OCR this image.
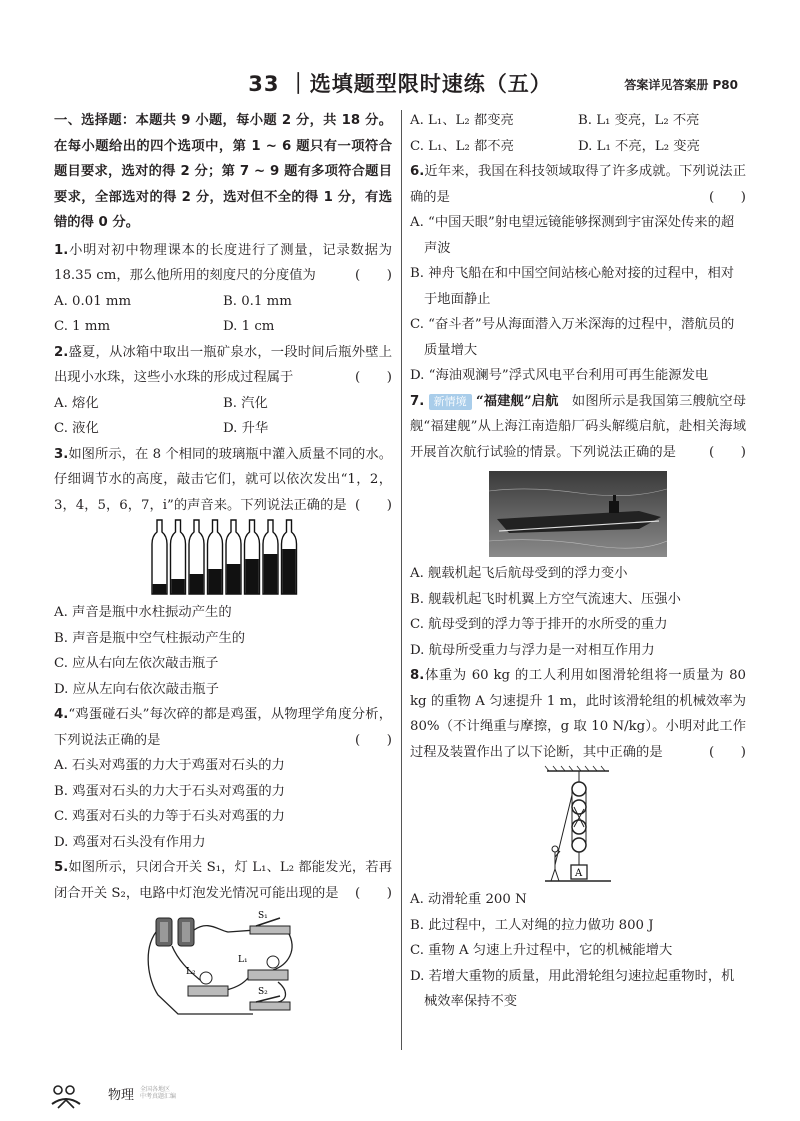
33 ｜选填题型限时速练（五）	答案详见答案册 P80

一、选择题：本题共 9 小题，每小题 2 分，共 18 分。在每小题给出的四个选项中，第 1 ~ 6 题只有一项符合题目要求，选对的得 2 分；第 7 ~ 9 题有多项符合题目要求，全部选对的得 2 分，选对但不全的得 1 分，有选错的得 0 分。

1.小明对初中物理课本的长度进行了测量，记录数据为 18.35 cm，那么他所用的刻度尺的分度值为	(　　)

A. 0.01 mm	B. 0.1 mm
C. 1 mm	D. 1 cm

2.盛夏，从冰箱中取出一瓶矿泉水，一段时间后瓶外壁上出现小水珠，这些小水珠的形成过程属于	(　　)

A. 熔化	B. 汽化
C. 液化	D. 升华

3.如图所示，在 8 个相同的玻璃瓶中灌入质量不同的水。仔细调节水的高度，敲击它们，就可以依次发出“1，2，3，4，5，6，7，i̇”的声音来。下列说法正确的是 (　　)

A. 声音是瓶中水柱振动产生的

B. 声音是瓶中空气柱振动产生的

C. 应从右向左依次敲击瓶子

D. 应从左向右依次敲击瓶子

4.“鸡蛋碰石头”每次碎的都是鸡蛋，从物理学角度分析，下列说法正确的是	(　　)

A. 石头对鸡蛋的力大于鸡蛋对石头的力

B. 鸡蛋对石头的力大于石头对鸡蛋的力

C. 鸡蛋对石头的力等于石头对鸡蛋的力

D. 鸡蛋对石头没有作用力

5.如图所示，只闭合开关 S₁，灯 L₁、L₂ 都能发光，若再闭合开关 S₂，电路中灯泡发光情况可能出现的是 (　　)

S₁
L₁
L₂
S₂
A. L₁、L₂ 都变亮	B. L₁ 变亮，L₂ 不亮
C. L₁、L₂ 都不亮	D. L₁ 不亮，L₂ 变亮

6.近年来，我国在科技领域取得了许多成就。下列说法正确的是	(　　)

A. “中国天眼”射电望远镜能够探测到宇宙深处传来的超声波

B. 神舟飞船在和中国空间站核心舱对接的过程中，相对于地面静止

C. “奋斗者”号从海面潜入万米深海的过程中，潜航员的质量增大

D. “海油观澜号”浮式风电平台利用可再生能源发电

7. 新情境 “福建舰”启航　 如图所示是我国第三艘航空母舰“福建舰”从上海江南造船厂码头解缆启航，赴相关海域开展首次航行试验的情景。下列说法正确的是 (　　)

A. 舰载机起飞后航母受到的浮力变小

B. 舰载机起飞时机翼上方空气流速大、压强小

C. 航母受到的浮力等于排开的水所受的重力

D. 航母所受重力与浮力是一对相互作用力

8.体重为 60 kg 的工人利用如图滑轮组将一质量为 80 kg 的重物 A 匀速提升 1 m，此时该滑轮组的机械效率为 80%（不计绳重与摩擦，g 取 10 N/kg）。小明对此工作过程及装置作出了以下论断，其中正确的是	(　　)

A

A. 动滑轮重 200 N

B. 此过程中，工人对绳的拉力做功 800 J

C. 重物 A 匀速上升过程中，它的机械能增大

D. 若增大重物的质量，用此滑轮组匀速拉起重物时，机械效率保持不变

物理 全国各地区
中考真题汇编
